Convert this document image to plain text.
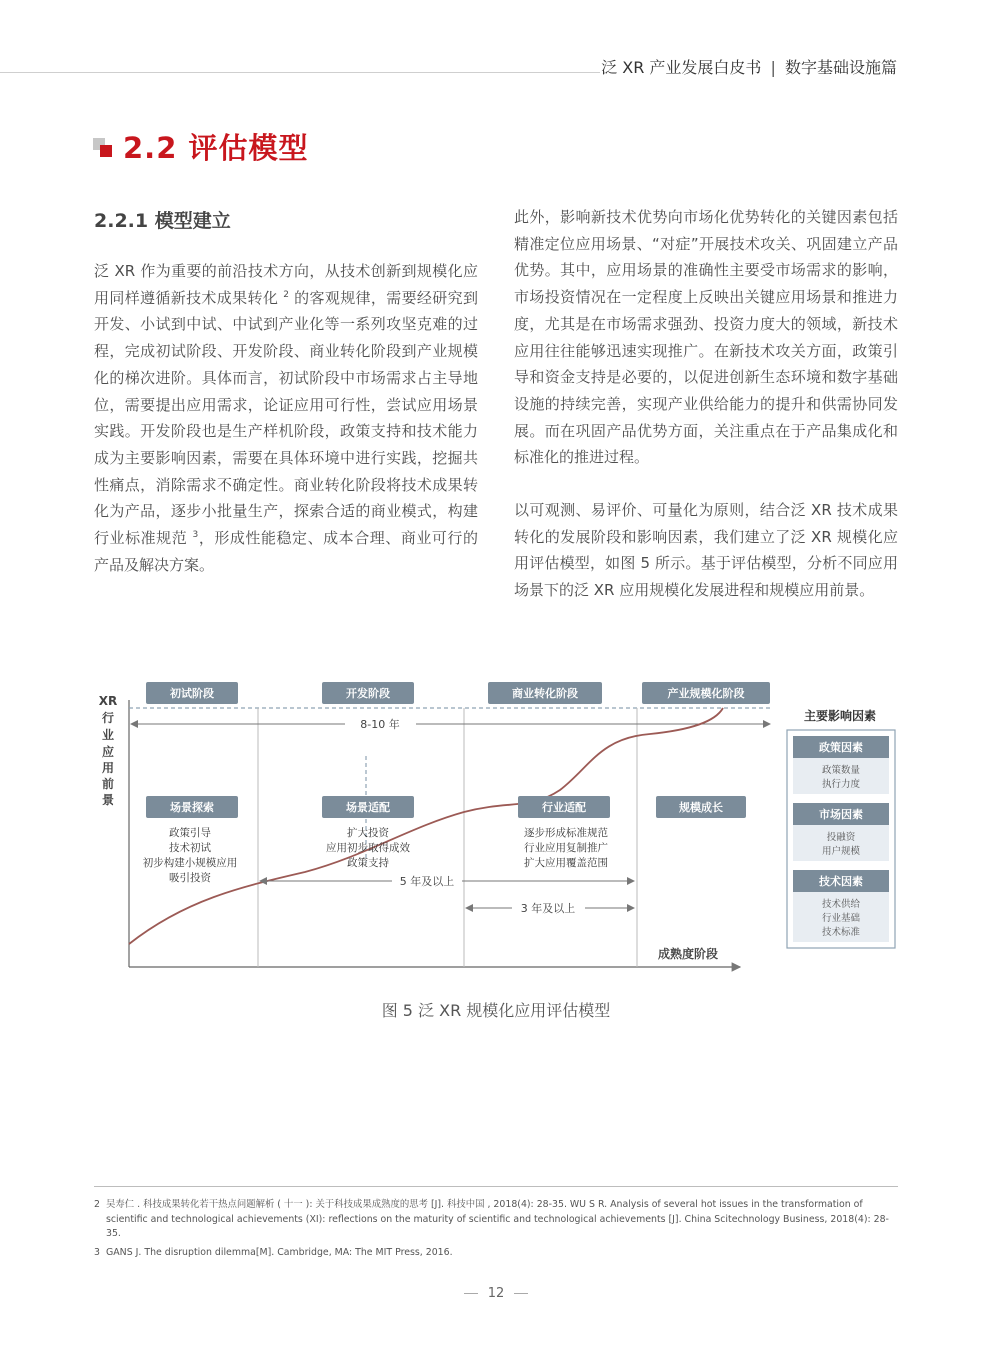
泛 XR 产业发展白皮书 | 数字基础设施篇
2.2 评估模型
2.2.1 模型建立

泛 XR 作为重要的前沿技术方向，从技术创新到规模化应用同样遵循新技术成果转化 $^2$ 的客观规律，需要经研究到开发、小试到中试、中试到产业化等一系列攻坚克难的过程，完成初试阶段、开发阶段、商业转化阶段到产业规模化的梯次进阶。具体而言，初试阶段中市场需求占主导地位，需要提出应用需求，论证应用可行性，尝试应用场景实践。开发阶段也是生产样机阶段，政策支持和技术能力成为主要影响因素，需要在具体环境中进行实践，挖掘共性痛点，消除需求不确定性。商业转化阶段将技术成果转化为产品，逐步小批量生产，探索合适的商业模式，构建行业标准规范 $^3$，形成性能稳定、成本合理、商业可行的产品及解决方案。

此外，影响新技术优势向市场化优势转化的关键因素包括精准定位应用场景、“对症”开展技术攻关、巩固建立产品优势。其中，应用场景的准确性主要受市场需求的影响，市场投资情况在一定程度上反映出关键应用场景和推进力度，尤其是在市场需求强劲、投资力度大的领域，新技术应用往往能够迅速实现推广。在新技术攻关方面，政策引导和资金支持是必要的，以促进创新生态环境和数字基础设施的持续完善，实现产业供给能力的提升和供需协同发展。而在巩固产品优势方面，关注重点在于产品集成化和标准化的推进过程。

以可观测、易评价、可量化为原则，结合泛 XR 技术成果转化的发展阶段和影响因素，我们建立了泛 XR 规模化应用评估模型，如图 5 所示。基于评估模型，分析不同应用场景下的泛 XR 应用规模化发展进程和规模应用前景。

XR
行
业
应
用
前
景
初试阶段	开发阶段	商业转化阶段	产业规模化阶段
8-10 年
场景探索
政策引导
技术初试
初步构建小规模应用
吸引投资
场景适配
扩大投资
应用初步取得成效
政策支持
行业适配
逐步形成标准规范
行业应用复制推广
扩大应用覆盖范围
规模成长
5 年及以上
3 年及以上
成熟度阶段
主要影响因素
政策因素
政策数量
执行力度
市场因素
投融资
用户规模
技术因素
技术供给
行业基础
技术标准

图 5 泛 XR 规模化应用评估模型

2 吴寿仁 . 科技成果转化若干热点问题解析 ( 十一 ): 关于科技成果成熟度的思考 [J]. 科技中国 , 2018(4): 28-35. WU S R. Analysis of several hot issues in the transformation of scientific and technological achievements (XI): reflections on the maturity of scientific and technological achievements [J]. China Scitechnology Business, 2018(4): 28-35.
3 GANS J. The disruption dilemma[M]. Cambridge, MA: The MIT Press, 2016.
12
